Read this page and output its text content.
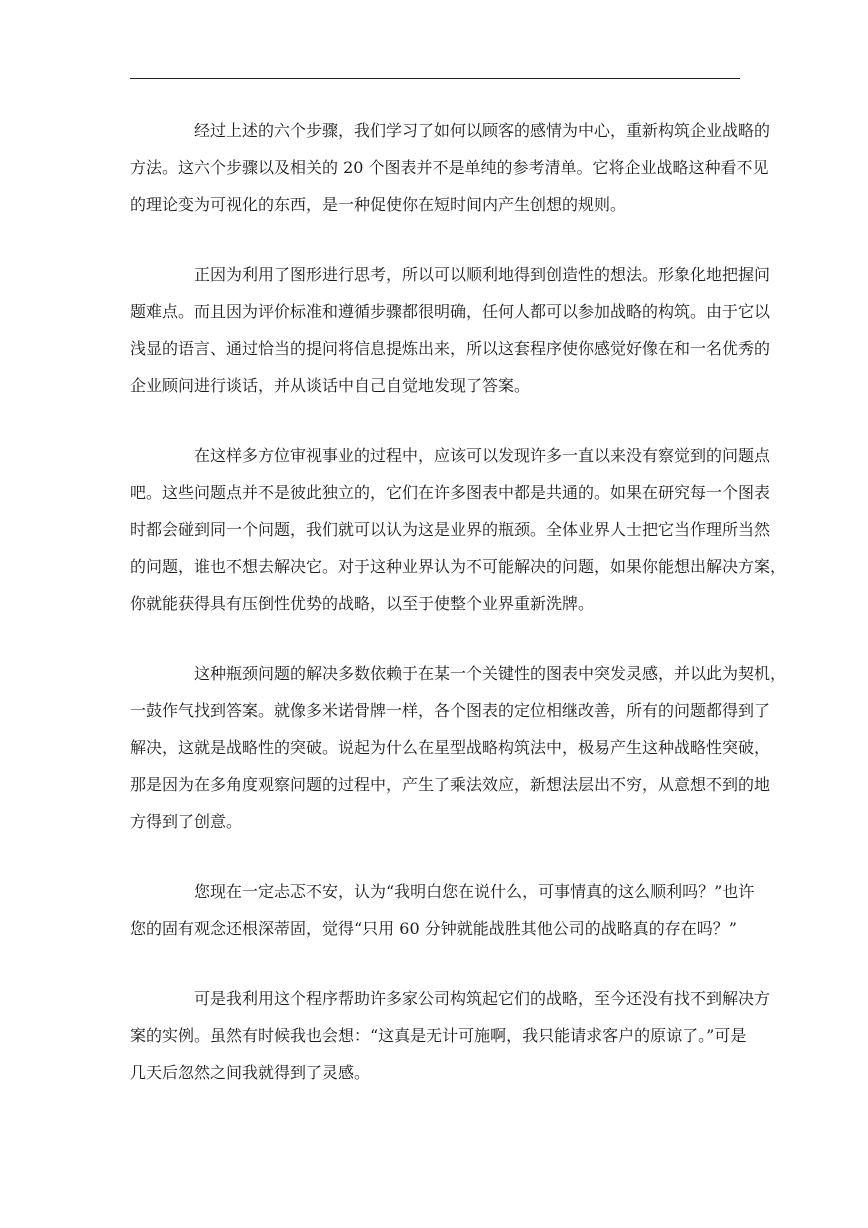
经过上述的六个步骤，我们学习了如何以顾客的感情为中心，重新构筑企业战略的
方法。这六个步骤以及相关的 20 个图表并不是单纯的参考清单。它将企业战略这种看不见
的理论变为可视化的东西，是一种促使你在短时间内产生创想的规则。

正因为利用了图形进行思考，所以可以顺利地得到创造性的想法。形象化地把握问
题难点。而且因为评价标准和遵循步骤都很明确，任何人都可以参加战略的构筑。由于它以
浅显的语言、通过恰当的提问将信息提炼出来，所以这套程序使你感觉好像在和一名优秀的
企业顾问进行谈话，并从谈话中自己自觉地发现了答案。

在这样多方位审视事业的过程中，应该可以发现许多一直以来没有察觉到的问题点
吧。这些问题点并不是彼此独立的，它们在许多图表中都是共通的。如果在研究每一个图表
时都会碰到同一个问题，我们就可以认为这是业界的瓶颈。全体业界人士把它当作理所当然
的问题，谁也不想去解决它。对于这种业界认为不可能解决的问题，如果你能想出解决方案，
你就能获得具有压倒性优势的战略，以至于使整个业界重新洗牌。

这种瓶颈问题的解决多数依赖于在某一个关键性的图表中突发灵感，并以此为契机，
一鼓作气找到答案。就像多米诺骨牌一样，各个图表的定位相继改善，所有的问题都得到了
解决，这就是战略性的突破。说起为什么在星型战略构筑法中，极易产生这种战略性突破，
那是因为在多角度观察问题的过程中，产生了乘法效应，新想法层出不穷，从意想不到的地
方得到了创意。

您现在一定忐忑不安，认为“我明白您在说什么，可事情真的这么顺利吗？”也许
您的固有观念还根深蒂固，觉得“只用 60 分钟就能战胜其他公司的战略真的存在吗？”

可是我利用这个程序帮助许多家公司构筑起它们的战略，至今还没有找不到解决方
案的实例。虽然有时候我也会想：“这真是无计可施啊，我只能请求客户的原谅了。”可是
几天后忽然之间我就得到了灵感。
